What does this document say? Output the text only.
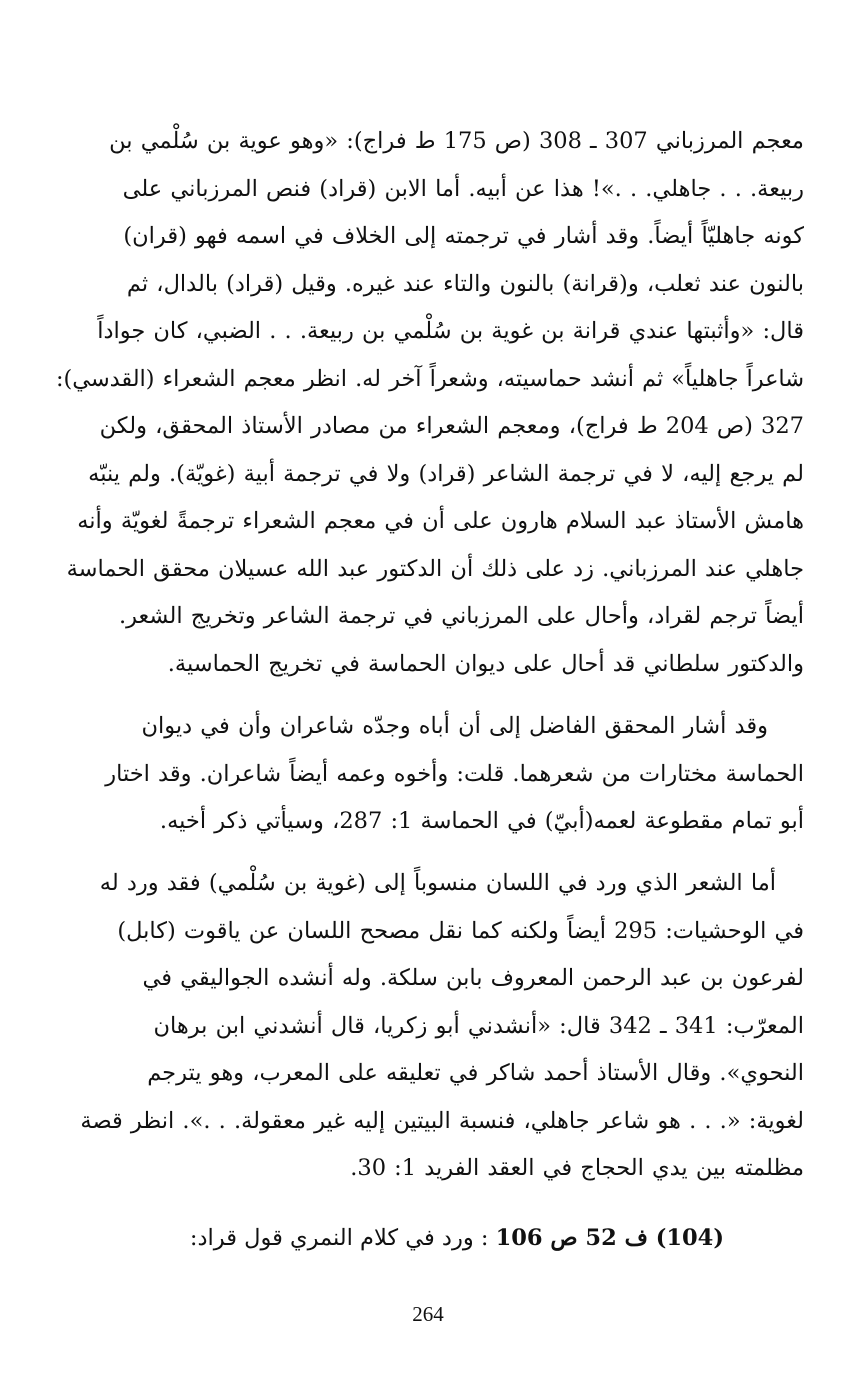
معجم المرزباني 307 ـ 308 (ص 175 ط فراج): «وهو عوية بن سُلْمي بن
ربيعة. . . جاهلي. . .»! هذا عن أبيه. أما الابن (قراد) فنص المرزباني على
كونه جاهليّاً أيضاً. وقد أشار في ترجمته إلى الخلاف في اسمه فهو (قران)
بالنون عند ثعلب، و(قرانة) بالنون والتاء عند غيره. وقيل (قراد) بالدال، ثم
قال: «وأثبتها عندي قرانة بن غوية بن سُلْمي بن ربيعة. . . الضبي، كان جواداً
شاعراً جاهلياً» ثم أنشد حماسيته، وشعراً آخر له. انظر معجم الشعراء (القدسي):
327 (ص 204 ط فراج)، ومعجم الشعراء من مصادر الأستاذ المحقق، ولكن
لم يرجع إليه، لا في ترجمة الشاعر (قراد) ولا في ترجمة أبية (غويّة). ولم ينبّه
هامش الأستاذ عبد السلام هارون على أن في معجم الشعراء ترجمةً لغويّة وأنه
جاهلي عند المرزباني. زد على ذلك أن الدكتور عبد الله عسيلان محقق الحماسة
أيضاً ترجم لقراد، وأحال على المرزباني في ترجمة الشاعر وتخريج الشعر.
والدكتور سلطاني قد أحال على ديوان الحماسة في تخريج الحماسية.
وقد أشار المحقق الفاضل إلى أن أباه وجدّه شاعران وأن في ديوان
الحماسة مختارات من شعرهما. قلت: وأخوه وعمه أيضاً شاعران. وقد اختار
أبو تمام مقطوعة لعمه(أبيّ) في الحماسة 1: 287، وسيأتي ذكر أخيه.
أما الشعر الذي ورد في اللسان منسوباً إلى (غوية بن سُلْمي) فقد ورد له
في الوحشيات: 295 أيضاً ولكنه كما نقل مصحح اللسان عن ياقوت (كابل)
لفرعون بن عبد الرحمن المعروف بابن سلكة. وله أنشده الجواليقي في
المعرّب: 341 ـ 342 قال: «أنشدني أبو زكريا، قال أنشدني ابن برهان
النحوي». وقال الأستاذ أحمد شاكر في تعليقه على المعرب، وهو يترجم
لغوية: «. . . هو شاعر جاهلي، فنسبة البيتين إليه غير معقولة. . .». انظر قصة
مظلمته بين يدي الحجاج في العقد الفريد 1: 30.
(104) ف 52 ص 106 : ورد في كلام النمري قول قراد:
264
